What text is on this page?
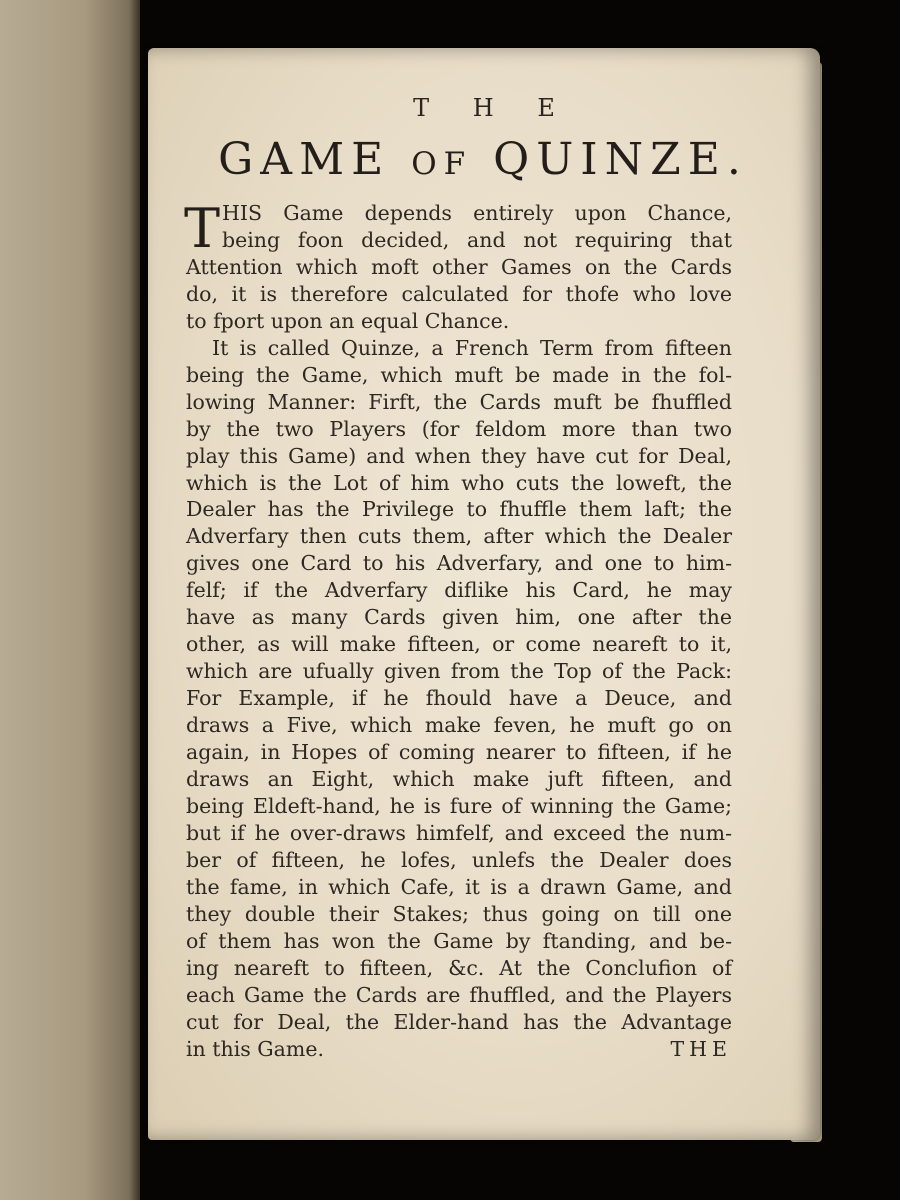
T H E
GAME of QUINZE.
T HIS Game depends entirely upon Chance,
being foon decided, and not requiring that
Attention which moft other Games on the Cards
do, it is therefore calculated for thofe who love
to fport upon an equal Chance.
It is called Quinze, a French Term from fifteen
being the Game, which muft be made in the fol-
lowing Manner: Firft, the Cards muft be fhuffled
by the two Players (for feldom more than two
play this Game) and when they have cut for Deal,
which is the Lot of him who cuts the loweft, the
Dealer has the Privilege to fhuffle them laft; the
Adverfary then cuts them, after which the Dealer
gives one Card to his Adverfary, and one to him-
felf; if the Adverfary diflike his Card, he may
have as many Cards given him, one after the
other, as will make fifteen, or come neareft to it,
which are ufually given from the Top of the Pack:
For Example, if he fhould have a Deuce, and
draws a Five, which make feven, he muft go on
again, in Hopes of coming nearer to fifteen, if he
draws an Eight, which make juft fifteen, and
being Eldeft-hand, he is fure of winning the Game;
but if he over-draws himfelf, and exceed the num-
ber of fifteen, he lofes, unlefs the Dealer does
the fame, in which Cafe, it is a drawn Game, and
they double their Stakes; thus going on till one
of them has won the Game by ftanding, and be-
ing neareft to fifteen, &c. At the Conclufion of
each Game the Cards are fhuffled, and the Players
cut for Deal, the Elder-hand has the Advantage
in this Game.	THE
